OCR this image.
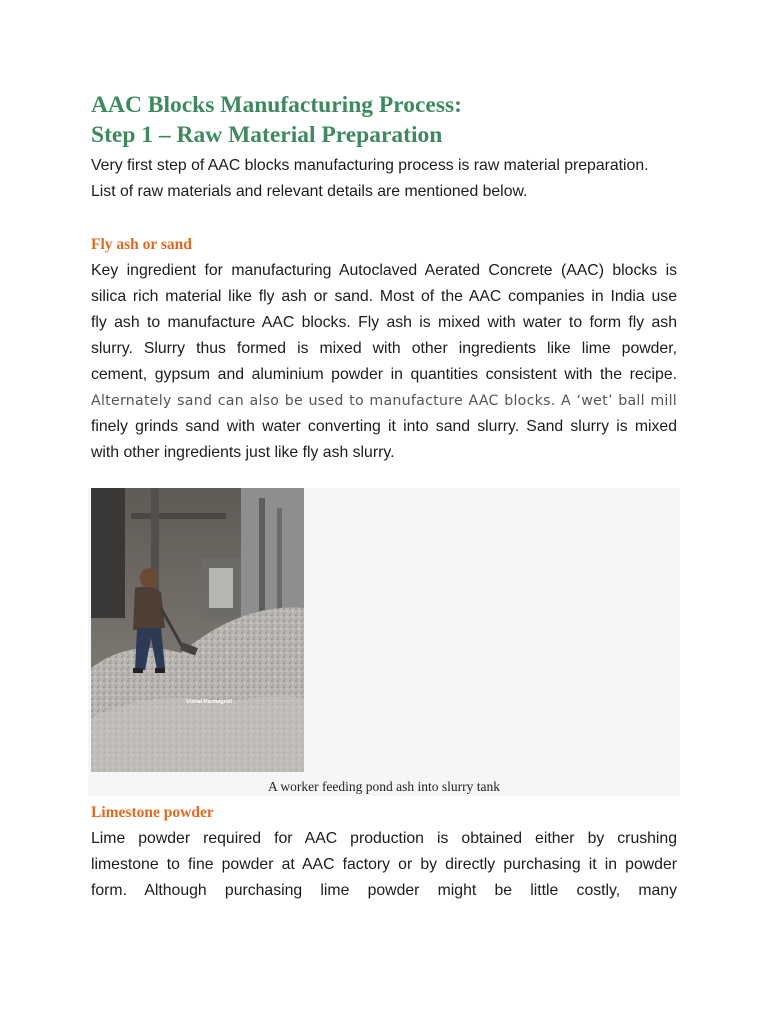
AAC Blocks Manufacturing Process:
Step 1 – Raw Material Preparation

Very first step of AAC blocks manufacturing process is raw material preparation.
List of raw materials and relevant details are mentioned below.

Fly ash or sand

Key ingredient for manufacturing Autoclaved Aerated Concrete (AAC) blocks is
silica rich material like fly ash or sand. Most of the AAC companies in India use
fly ash to manufacture AAC blocks. Fly ash is mixed with water to form fly ash
slurry. Slurry thus formed is mixed with other ingredients like lime powder,
cement, gypsum and aluminium powder in quantities consistent with the recipe.
Alternately sand can also be used to manufacture AAC blocks. A ‘wet’ ball mill
finely grinds sand with water converting it into sand slurry. Sand slurry is mixed
with other ingredients just like fly ash slurry.

Vishal Parmagrall

A worker feeding pond ash into slurry tank

Limestone powder

Lime powder required for AAC production is obtained either by crushing
limestone to fine powder at AAC factory or by directly purchasing it in powder
form. Although purchasing lime powder might be little costly, many
